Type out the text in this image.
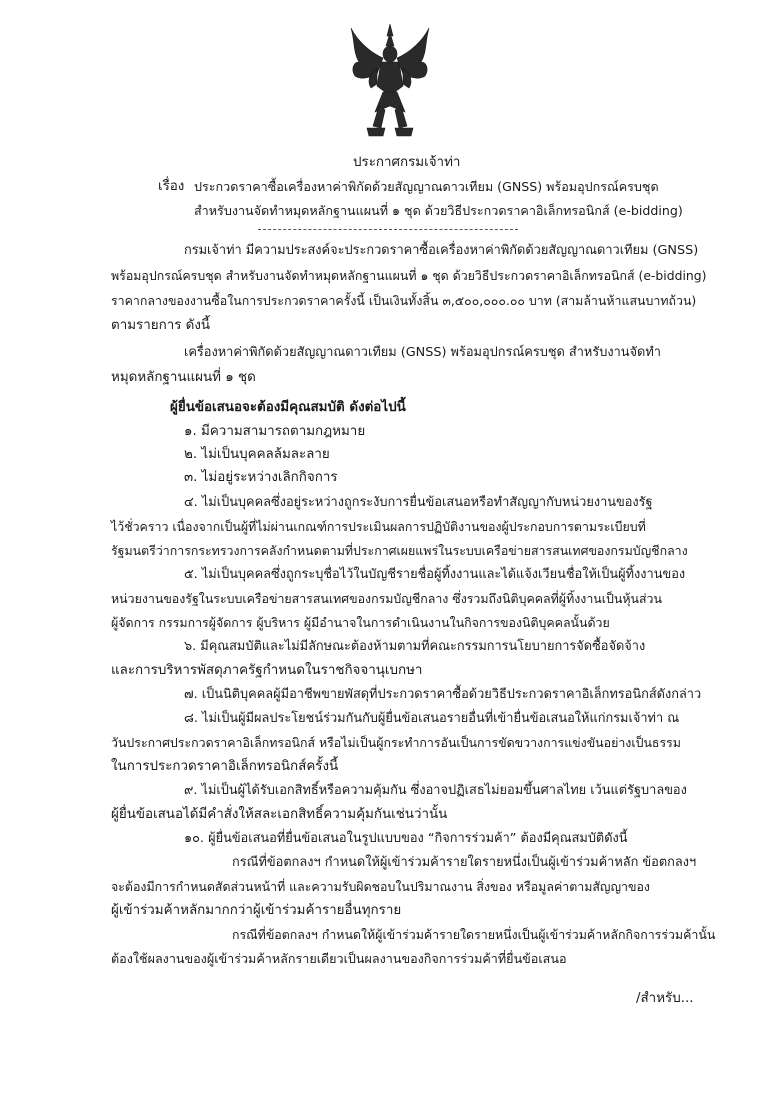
ประกาศกรมเจ้าท่า
เรื่อง ประกวดราคาซื้อเครื่องหาค่าพิกัดด้วยสัญญาณดาวเทียม (GNSS) พร้อมอุปกรณ์ครบชุด
สำหรับงานจัดทำหมุดหลักฐานแผนที่ ๑ ชุด ด้วยวิธีประกวดราคาอิเล็กทรอนิกส์ (e-bidding)
กรมเจ้าท่า มีความประสงค์จะประกวดราคาซื้อเครื่องหาค่าพิกัดด้วยสัญญาณดาวเทียม (GNSS)
พร้อมอุปกรณ์ครบชุด สำหรับงานจัดทำหมุดหลักฐานแผนที่ ๑ ชุด ด้วยวิธีประกวดราคาอิเล็กทรอนิกส์ (e-bidding)
ราคากลางของงานซื้อในการประกวดราคาครั้งนี้ เป็นเงินทั้งสิ้น ๓,๕๐๐,๐๐๐.๐๐ บาท (สามล้านห้าแสนบาทถ้วน)
ตามรายการ ดังนี้
เครื่องหาค่าพิกัดด้วยสัญญาณดาวเทียม (GNSS) พร้อมอุปกรณ์ครบชุด สำหรับงานจัดทำ
หมุดหลักฐานแผนที่ ๑ ชุด
ผู้ยื่นข้อเสนอจะต้องมีคุณสมบัติ ดังต่อไปนี้
๑. มีความสามารถตามกฎหมาย
๒. ไม่เป็นบุคคลล้มละลาย
๓. ไม่อยู่ระหว่างเลิกกิจการ
๔. ไม่เป็นบุคคลซึ่งอยู่ระหว่างถูกระงับการยื่นข้อเสนอหรือทำสัญญากับหน่วยงานของรัฐ
ไว้ชั่วคราว เนื่องจากเป็นผู้ที่ไม่ผ่านเกณฑ์การประเมินผลการปฏิบัติงานของผู้ประกอบการตามระเบียบที่
รัฐมนตรีว่าการกระทรวงการคลังกำหนดตามที่ประกาศเผยแพร่ในระบบเครือข่ายสารสนเทศของกรมบัญชีกลาง
๕. ไม่เป็นบุคคลซึ่งถูกระบุชื่อไว้ในบัญชีรายชื่อผู้ทิ้งงานและได้แจ้งเวียนชื่อให้เป็นผู้ทิ้งงานของ
หน่วยงานของรัฐในระบบเครือข่ายสารสนเทศของกรมบัญชีกลาง ซึ่งรวมถึงนิติบุคคลที่ผู้ทิ้งงานเป็นหุ้นส่วน
ผู้จัดการ กรรมการผู้จัดการ ผู้บริหาร ผู้มีอำนาจในการดำเนินงานในกิจการของนิติบุคคลนั้นด้วย
๖. มีคุณสมบัติและไม่มีลักษณะต้องห้ามตามที่คณะกรรมการนโยบายการจัดซื้อจัดจ้าง
และการบริหารพัสดุภาครัฐกำหนดในราชกิจจานุเบกษา
๗. เป็นนิติบุคคลผู้มีอาชีพขายพัสดุที่ประกวดราคาซื้อด้วยวิธีประกวดราคาอิเล็กทรอนิกส์ดังกล่าว
๘. ไม่เป็นผู้มีผลประโยชน์ร่วมกันกับผู้ยื่นข้อเสนอรายอื่นที่เข้ายื่นข้อเสนอให้แก่กรมเจ้าท่า ณ
วันประกาศประกวดราคาอิเล็กทรอนิกส์ หรือไม่เป็นผู้กระทำการอันเป็นการขัดขวางการแข่งขันอย่างเป็นธรรม
ในการประกวดราคาอิเล็กทรอนิกส์ครั้งนี้
๙. ไม่เป็นผู้ได้รับเอกสิทธิ์หรือความคุ้มกัน ซึ่งอาจปฏิเสธไม่ยอมขึ้นศาลไทย เว้นแต่รัฐบาลของ
ผู้ยื่นข้อเสนอได้มีคำสั่งให้สละเอกสิทธิ์ความคุ้มกันเช่นว่านั้น
๑๐. ผู้ยื่นข้อเสนอที่ยื่นข้อเสนอในรูปแบบของ “กิจการร่วมค้า” ต้องมีคุณสมบัติดังนี้
กรณีที่ข้อตกลงฯ กำหนดให้ผู้เข้าร่วมค้ารายใดรายหนึ่งเป็นผู้เข้าร่วมค้าหลัก ข้อตกลงฯ
จะต้องมีการกำหนดสัดส่วนหน้าที่ และความรับผิดชอบในปริมาณงาน สิ่งของ หรือมูลค่าตามสัญญาของ
ผู้เข้าร่วมค้าหลักมากกว่าผู้เข้าร่วมค้ารายอื่นทุกราย
กรณีที่ข้อตกลงฯ กำหนดให้ผู้เข้าร่วมค้ารายใดรายหนึ่งเป็นผู้เข้าร่วมค้าหลักกิจการร่วมค้านั้น
ต้องใช้ผลงานของผู้เข้าร่วมค้าหลักรายเดียวเป็นผลงานของกิจการร่วมค้าที่ยื่นข้อเสนอ
/สำหรับ...
